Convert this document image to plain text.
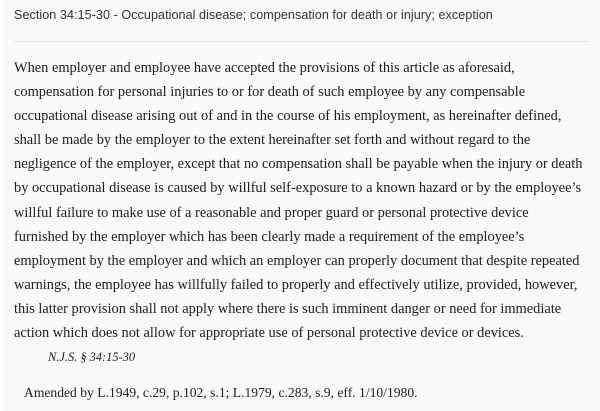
Section 34:15-30 - Occupational disease; compensation for death or injury; exception

When employer and employee have accepted the provisions of this article as aforesaid, compensation for personal injuries to or for death of such employee by any compensable occupational disease arising out of and in the course of his employment, as hereinafter defined, shall be made by the employer to the extent hereinafter set forth and without regard to the negligence of the employer, except that no compensation shall be payable when the injury or death by occupational disease is caused by willful self-exposure to a known hazard or by the employee’s willful failure to make use of a reasonable and proper guard or personal protective device furnished by the employer which has been clearly made a requirement of the employee’s employment by the employer and which an employer can properly document that despite repeated warnings, the employee has willfully failed to properly and effectively utilize, provided, however, this latter provision shall not apply where there is such imminent danger or need for immediate action which does not allow for appropriate use of personal protective device or devices.

N.J.S. § 34:15-30
Amended by L.1949, c.29, p.102, s.1; L.1979, c.283, s.9, eff. 1/10/1980.
